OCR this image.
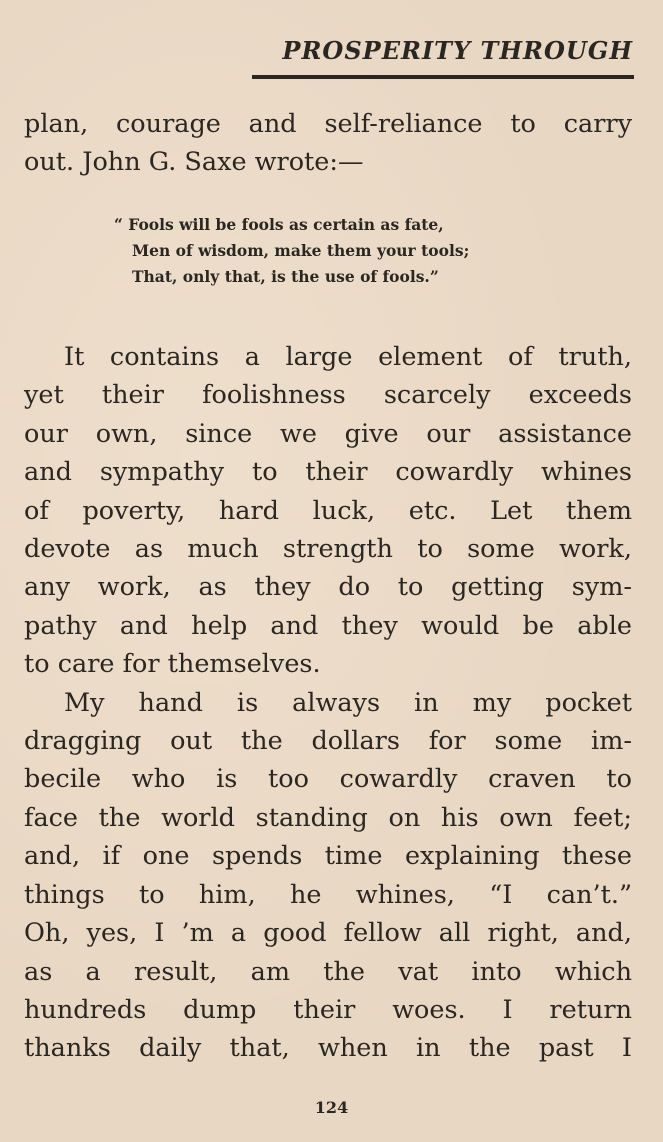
PROSPERITY THROUGH
plan, courage and self-reliance to carry
out. John G. Saxe wrote:—
“ Fools will be fools as certain as fate,
Men of wisdom, make them your tools;
That, only that, is the use of fools.”
It contains a large element of truth,
yet their foolishness scarcely exceeds
our own, since we give our assistance
and sympathy to their cowardly whines
of poverty, hard luck, etc. Let them
devote as much strength to some work,
any work, as they do to getting sym-
pathy and help and they would be able
to care for themselves.
My hand is always in my pocket
dragging out the dollars for some im-
becile who is too cowardly craven to
face the world standing on his own feet;
and, if one spends time explaining these
things to him, he whines, “I can’t.”
Oh, yes, I ’m a good fellow all right, and,
as a result, am the vat into which
hundreds dump their woes. I return
thanks daily that, when in the past I
124
